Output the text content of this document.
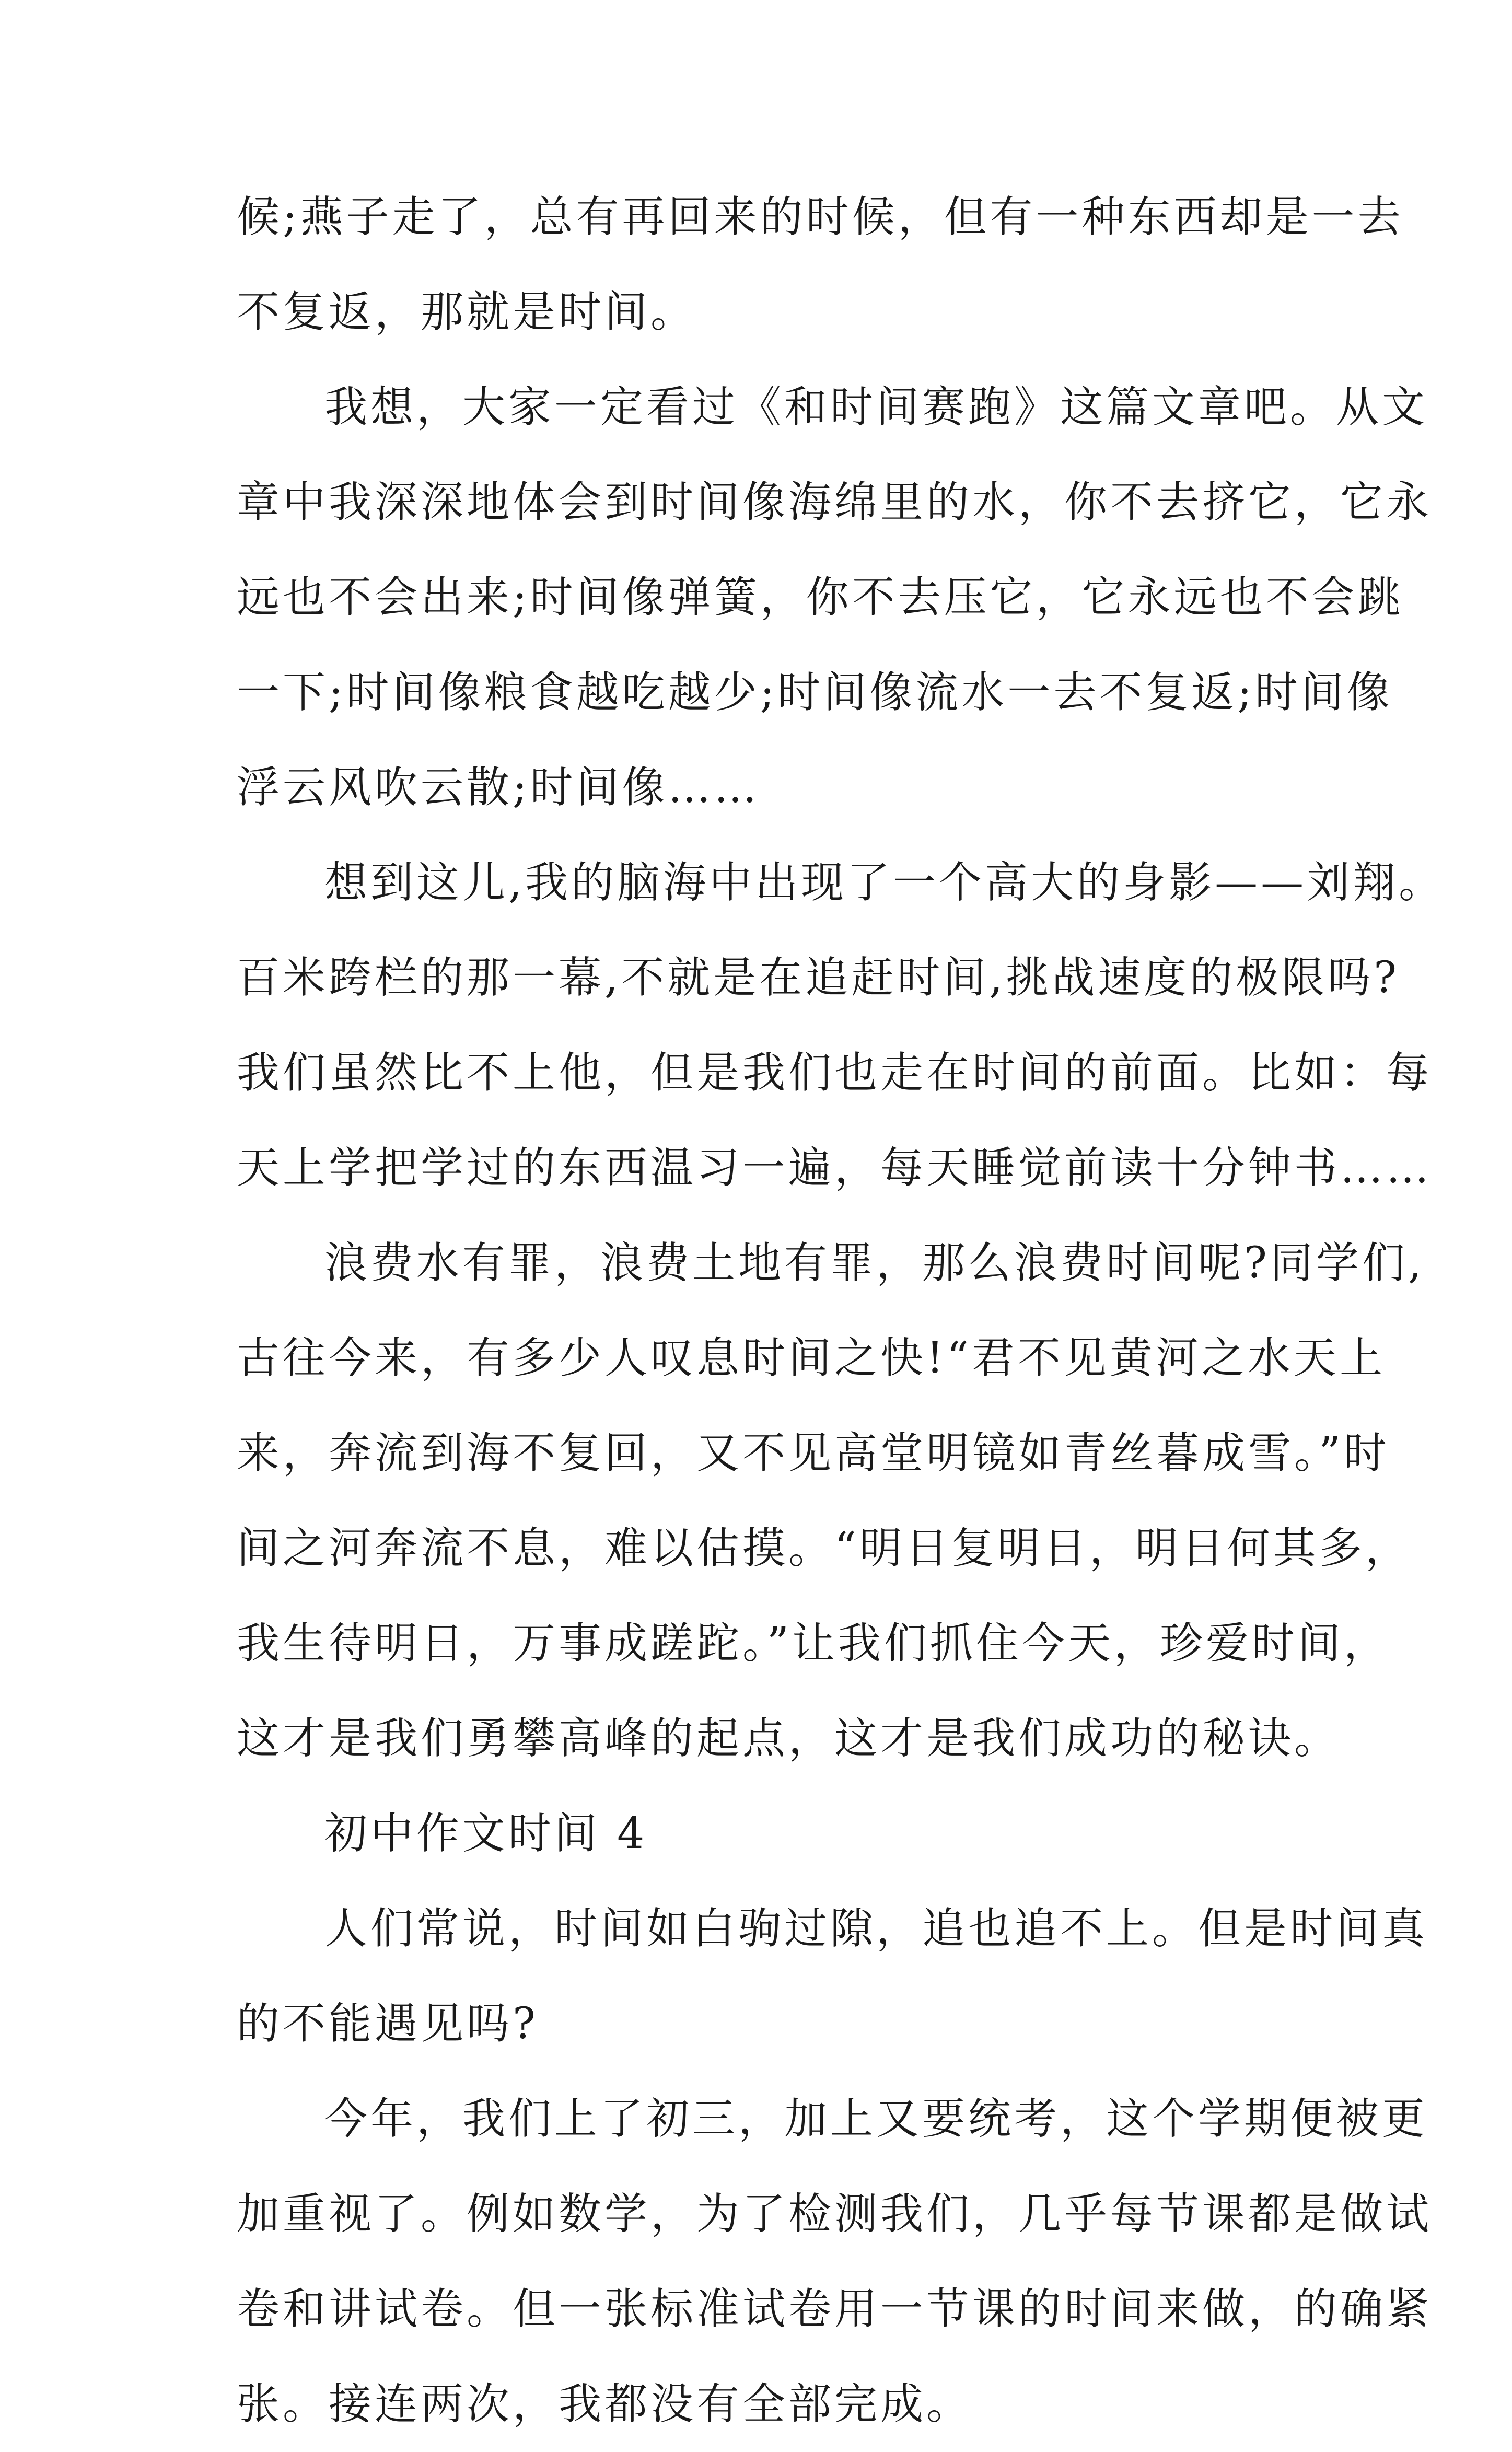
候;燕子走了，总有再回来的时候，但有一种东西却是一去
不复返，那就是时间。
我想，大家一定看过《和时间赛跑》这篇文章吧。从文
章中我深深地体会到时间像海绵里的水，你不去挤它，它永
远也不会出来;时间像弹簧，你不去压它，它永远也不会跳
一下;时间像粮食越吃越少;时间像流水一去不复返;时间像
浮云风吹云散;时间像……
想到这儿,我的脑海中出现了一个高大的身影——刘翔。
百米跨栏的那一幕,不就是在追赶时间,挑战速度的极限吗?
我们虽然比不上他，但是我们也走在时间的前面。比如：每
天上学把学过的东西温习一遍，每天睡觉前读十分钟书……
浪费水有罪，浪费土地有罪，那么浪费时间呢?同学们,
古往今来，有多少人叹息时间之快!“君不见黄河之水天上
来，奔流到海不复回，又不见高堂明镜如青丝暮成雪。”时
间之河奔流不息，难以估摸。“明日复明日，明日何其多，
我生待明日，万事成蹉跎。”让我们抓住今天，珍爱时间，
这才是我们勇攀高峰的起点，这才是我们成功的秘诀。
初中作文时间 4
人们常说，时间如白驹过隙，追也追不上。但是时间真
的不能遇见吗?
今年，我们上了初三，加上又要统考，这个学期便被更
加重视了。例如数学，为了检测我们，几乎每节课都是做试
卷和讲试卷。但一张标准试卷用一节课的时间来做，的确紧
张。接连两次，我都没有全部完成。
